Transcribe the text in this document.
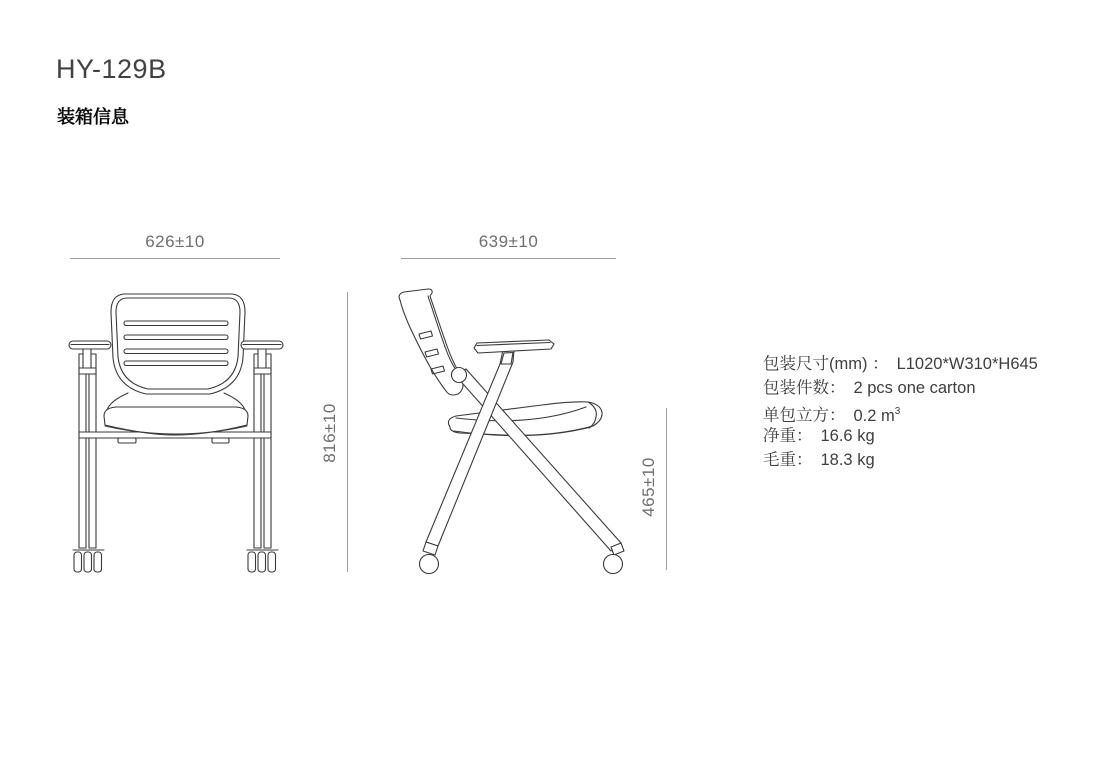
HY-129B
装箱信息
626±10	639±10
816±10
465±10
包装尺寸(mm) ： L1020*W310*H645
包装件数： 2 pcs one carton
单包立方： 0.2 $m^3$
净重： 16.6 kg
毛重： 18.3 kg
